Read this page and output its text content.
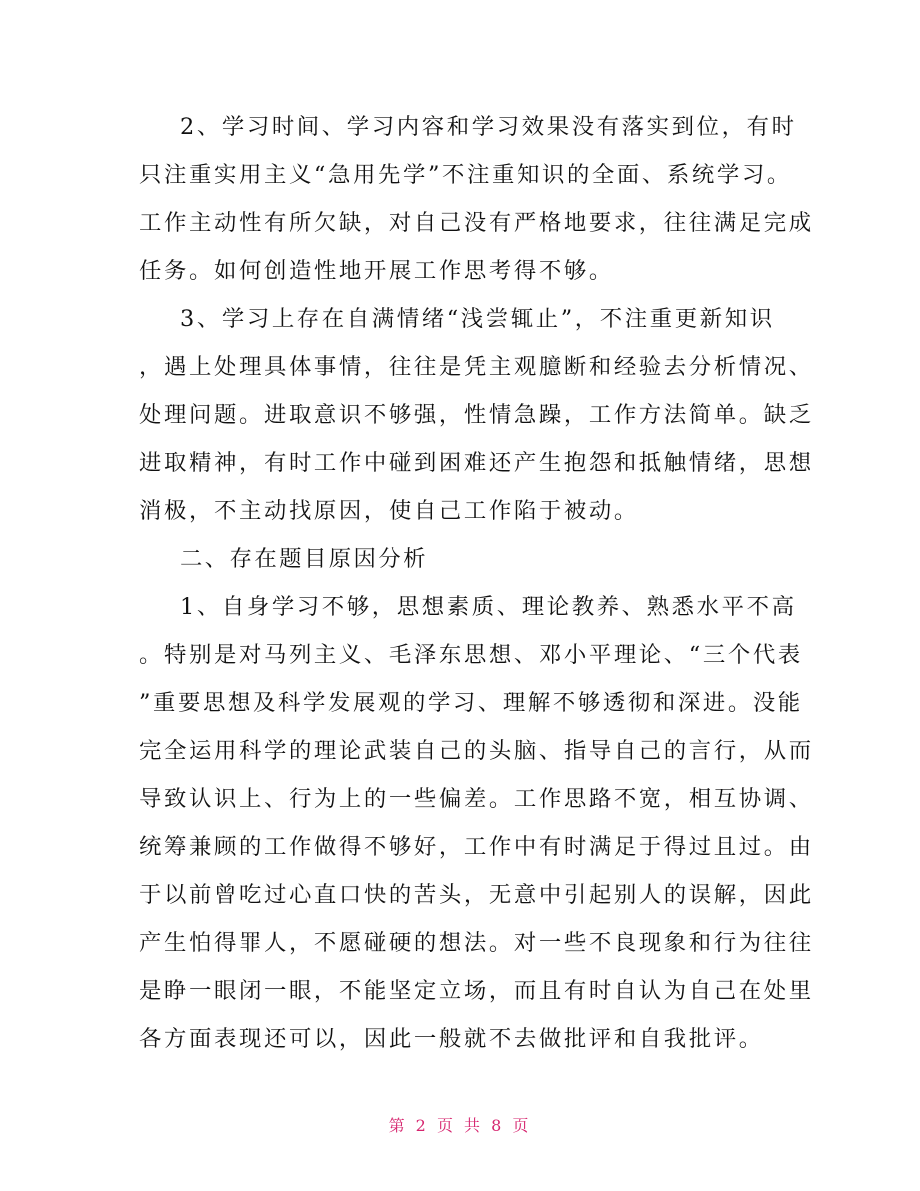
2、学习时间、学习内容和学习效果没有落实到位，有时
只注重实用主义“急用先学”不注重知识的全面、系统学习。
工作主动性有所欠缺，对自己没有严格地要求，往往满足完成
任务。如何创造性地开展工作思考得不够。
3、学习上存在自满情绪“浅尝辄止”，不注重更新知识
，遇上处理具体事情，往往是凭主观臆断和经验去分析情况、
处理问题。进取意识不够强，性情急躁，工作方法简单。缺乏
进取精神，有时工作中碰到困难还产生抱怨和抵触情绪，思想
消极，不主动找原因，使自己工作陷于被动。
二、存在题目原因分析
1、自身学习不够，思想素质、理论教养、熟悉水平不高
。特别是对马列主义、毛泽东思想、邓小平理论、“三个代表
”重要思想及科学发展观的学习、理解不够透彻和深进。没能
完全运用科学的理论武装自己的头脑、指导自己的言行，从而
导致认识上、行为上的一些偏差。工作思路不宽，相互协调、
统筹兼顾的工作做得不够好，工作中有时满足于得过且过。由
于以前曾吃过心直口快的苦头，无意中引起别人的误解，因此
产生怕得罪人，不愿碰硬的想法。对一些不良现象和行为往往
是睁一眼闭一眼，不能坚定立场，而且有时自认为自己在处里
各方面表现还可以，因此一般就不去做批评和自我批评。
第 2 页 共 8 页
